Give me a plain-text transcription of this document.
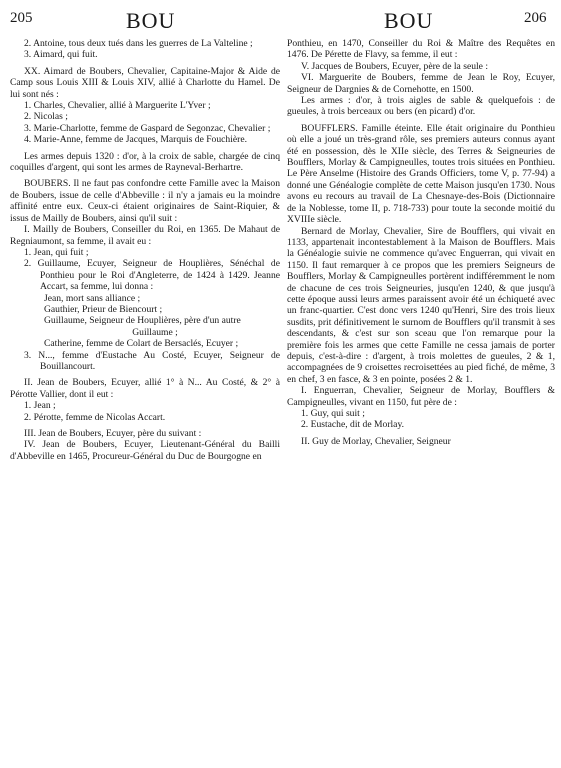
205	BOU	BOU	206

2. Antoine, tous deux tués dans les guerres de La Valteline ;

3. Aimard, qui fuit.

XX. Aimard de Boubers, Chevalier, Capitaine-Major & Aide de Camp sous Louis XIII & Louis XIV, allié à Charlotte du Hamel. De lui sont nés :

1. Charles, Chevalier, allié à Marguerite L'Yver ;

2. Nicolas ;

3. Marie-Charlotte, femme de Gaspard de Segonzac, Chevalier ;

4. Marie-Anne, femme de Jacques, Marquis de Fouchière.

Les armes depuis 1320 : d'or, à la croix de sable, chargée de cinq coquilles d'argent, qui sont les armes de Rayneval-Berhartre.

BOUBERS. Il ne faut pas confondre cette Famille avec la Maison de Boubers, issue de celle d'Abbeville : il n'y a jamais eu la moindre affinité entre eux. Ceux-ci étaient originaires de Saint-Riquier, & issus de Mailly de Boubers, ainsi qu'il suit :

I. Mailly de Boubers, Conseiller du Roi, en 1365. De Mahaut de Regniaumont, sa femme, il avait eu :

1. Jean, qui fuit ;

2. Guillaume, Ecuyer, Seigneur de Houplières, Sénéchal de Ponthieu pour le Roi d'Angleterre, de 1424 à 1429. Jeanne Accart, sa femme, lui donna :

Jean, mort sans alliance ;

Gauthier, Prieur de Biencourt ;

Guillaume, Seigneur de Houplières, père d'un autre

Guillaume ;

Catherine, femme de Colart de Bersaclés, Ecuyer ;

3. N..., femme d'Eustache Au Costé, Ecuyer, Seigneur de Bouillancourt.

II. Jean de Boubers, Ecuyer, allié 1° à N... Au Costé, & 2° à Pérotte Vallier, dont il eut :

1. Jean ;

2. Pérotte, femme de Nicolas Accart.

III. Jean de Boubers, Ecuyer, père du suivant :

IV. Jean de Boubers, Ecuyer, Lieutenant-Général du Bailli d'Abbeville en 1465, Procureur-Général du Duc de Bourgogne en

Ponthieu, en 1470, Conseiller du Roi & Maître des Requêtes en 1476. De Pérette de Flavy, sa femme, il eut :

V. Jacques de Boubers, Ecuyer, père de la seule :

VI. Marguerite de Boubers, femme de Jean le Roy, Ecuyer, Seigneur de Dargnies & de Cornehotte, en 1500.

Les armes : d'or, à trois aigles de sable & quelquefois : de gueules, à trois berceaux ou bers (en picard) d'or.

BOUFFLERS. Famille éteinte. Elle était originaire du Ponthieu où elle a joué un très-grand rôle, ses premiers auteurs connus ayant été en possession, dès le XIIe siècle, des Terres & Seigneuries de Boufflers, Morlay & Campigneulles, toutes trois situées en Ponthieu. Le Père Anselme (Histoire des Grands Officiers, tome V, p. 77-94) a donné une Généalogie complète de cette Maison jusqu'en 1730. Nous avons eu recours au travail de La Chesnaye-des-Bois (Dictionnaire de la Noblesse, tome II, p. 718-733) pour toute la seconde moitié du XVIIIe siècle.

Bernard de Morlay, Chevalier, Sire de Boufflers, qui vivait en 1133, appartenait incontestablement à la Maison de Boufflers. Mais la Généalogie suivie ne commence qu'avec Enguerran, qui vivait en 1150. Il faut remarquer à ce propos que les premiers Seigneurs de Boufflers, Morlay & Campigneulles portèrent indifféremment le nom de chacune de ces trois Seigneuries, jusqu'en 1240, & que jusqu'à cette époque aussi leurs armes paraissent avoir été un échiqueté avec un franc-quartier. C'est donc vers 1240 qu'Henri, Sire des trois lieux susdits, prit définitivement le surnom de Boufflers qu'il transmit à ses descendants, & c'est sur son sceau que l'on remarque pour la première fois les armes que cette Famille ne cessa jamais de porter depuis, c'est-à-dire : d'argent, à trois molettes de gueules, 2 & 1, accompagnées de 9 croisettes recroisettées au pied fiché, de même, 3 en chef, 3 en fasce, & 3 en pointe, posées 2 & 1.

I. Enguerran, Chevalier, Seigneur de Morlay, Boufflers & Campigneulles, vivant en 1150, fut père de :

1. Guy, qui suit ;

2. Eustache, dit de Morlay.

II. Guy de Morlay, Chevalier, Seigneur
